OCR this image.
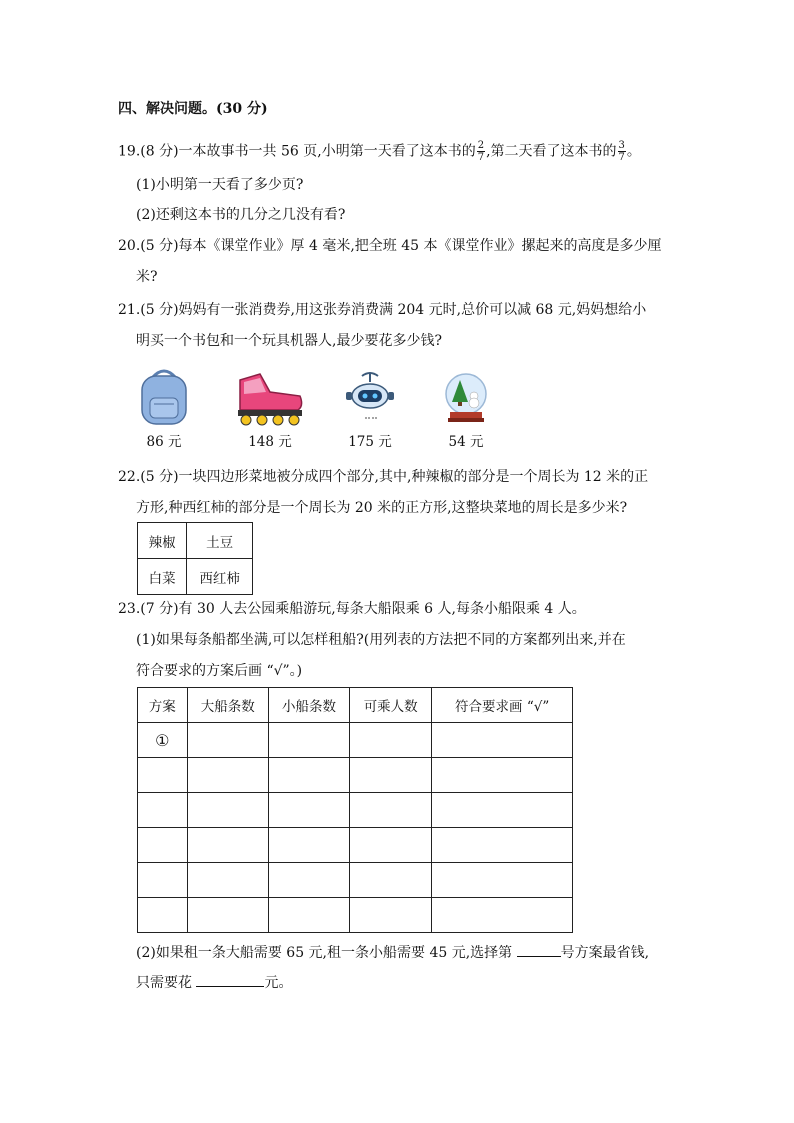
四、解决问题。(30 分)
19.(8 分)一本故事书一共 56 页,小明第一天看了这本书的 $\frac{2}{7}$ ,第二天看了这本书的 $\frac{3}{7}$ 。
(1)小明第一天看了多少页?
(2)还剩这本书的几分之几没有看?
20.(5 分)每本《课堂作业》厚 4 毫米,把全班 45 本《课堂作业》摞起来的高度是多少厘
米?
21.(5 分)妈妈有一张消费券,用这张券消费满 204 元时,总价可以减 68 元,妈妈想给小
明买一个书包和一个玩具机器人,最少要花多少钱?
86 元	148 元	175 元	54 元
22.(5 分)一块四边形菜地被分成四个部分,其中,种辣椒的部分是一个周长为 12 米的正
方形,种西红柿的部分是一个周长为 20 米的正方形,这整块菜地的周长是多少米?
辣椒	土豆
白菜	西红柿
23.(7 分)有 30 人去公园乘船游玩,每条大船限乘 6 人,每条小船限乘 4 人。
(1)如果每条船都坐满,可以怎样租船?(用列表的方法把不同的方案都列出来,并在
符合要求的方案后画 “√”。)
方案	大船条数	小船条数	可乘人数	符合要求画 “√”
①				

(2)如果租一条大船需要 65 元,租一条小船需要 45 元,选择第	号方案最省钱,
只需要花	元。
